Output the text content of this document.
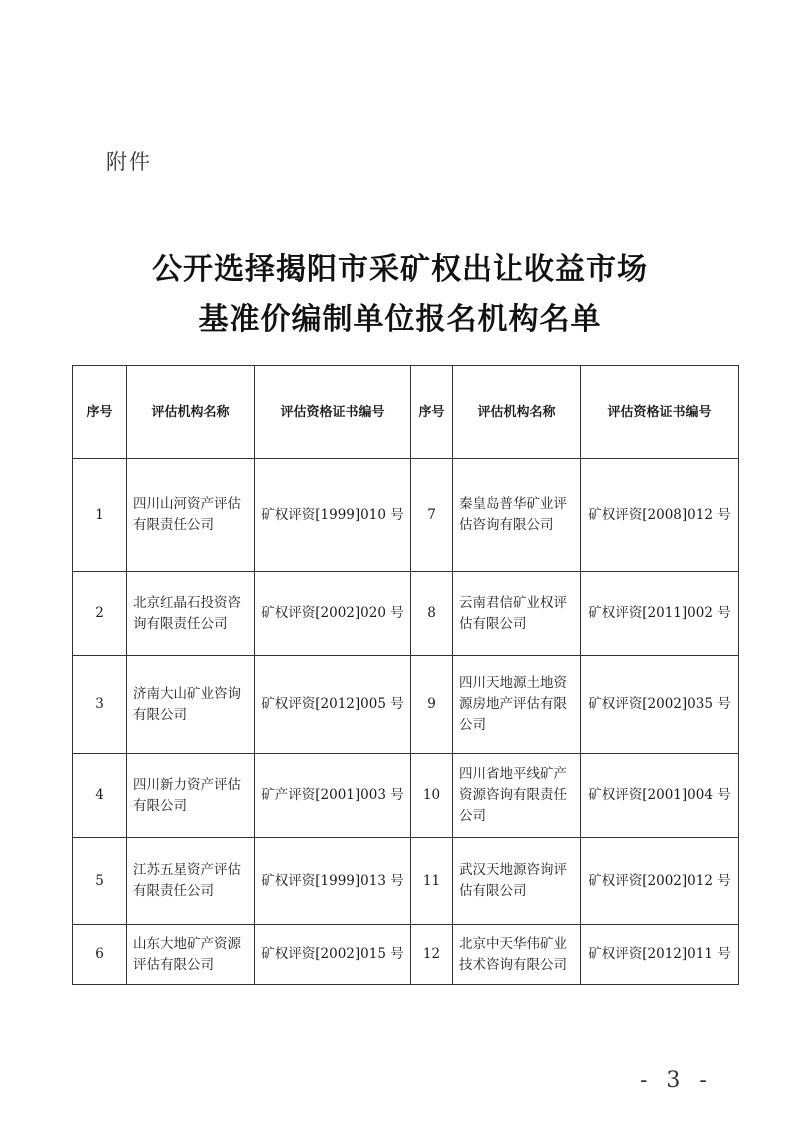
附件
公开选择揭阳市采矿权出让收益市场
基准价编制单位报名机构名单
序号	评估机构名称	评估资格证书编号	序号	评估机构名称	评估资格证书编号
1	四川山河资产评估有限责任公司	矿权评资[1999]010 号	7	秦皇岛普华矿业评估咨询有限公司	矿权评资[2008]012 号
2	北京红晶石投资咨询有限责任公司	矿权评资[2002]020 号	8	云南君信矿业权评估有限公司	矿权评资[2011]002 号
3	济南大山矿业咨询有限公司	矿权评资[2012]005 号	9	四川天地源土地资源房地产评估有限公司	矿权评资[2002]035 号
4	四川新力资产评估有限公司	矿产评资[2001]003 号	10	四川省地平线矿产资源咨询有限责任公司	矿权评资[2001]004 号
5	江苏五星资产评估有限责任公司	矿权评资[1999]013 号	11	武汉天地源咨询评估有限公司	矿权评资[2002]012 号
6	山东大地矿产资源评估有限公司	矿权评资[2002]015 号	12	北京中天华伟矿业技术咨询有限公司	矿权评资[2012]011 号
- 3 -
